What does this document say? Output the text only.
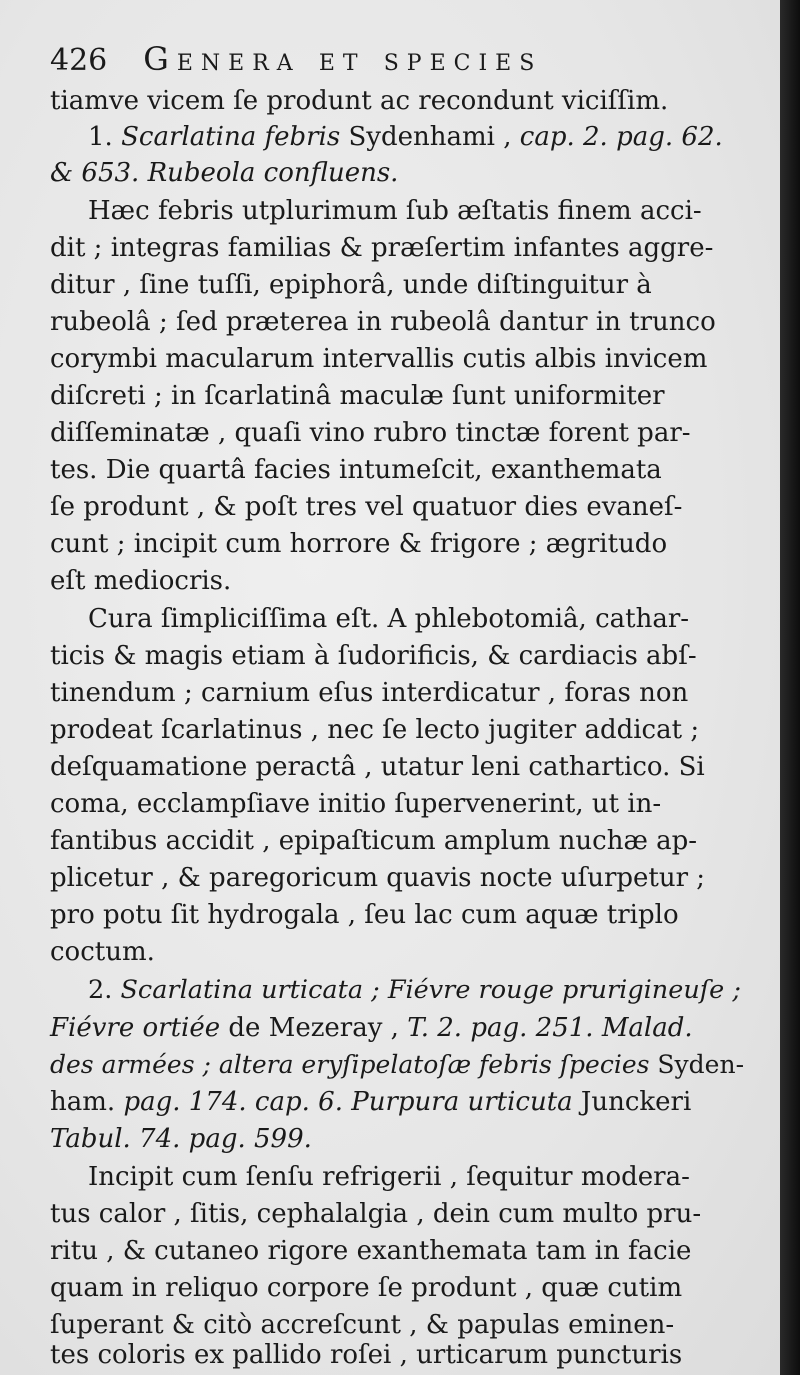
426 Genera et species
tiamve vicem ſe produnt ac recondunt viciſſim.
1. Scarlatina febris Sydenhami , cap. 2. pag. 62.
& 653. Rubeola confluens.
Hæc febris utplurimum ſub æſtatis finem acci-
dit ; integras familias & præſertim infantes aggre-
ditur , ſine tuſſi, epiphorâ, unde diſtinguitur à
rubeolâ ; ſed præterea in rubeolâ dantur in trunco
corymbi macularum intervallis cutis albis invicem
diſcreti ; in ſcarlatinâ maculæ ſunt uniformiter
diſſeminatæ , quaſi vino rubro tinctæ forent par-
tes. Die quartâ facies intumeſcit, exanthemata
ſe produnt , & poſt tres vel quatuor dies evaneſ-
cunt ; incipit cum horrore & frigore ; ægritudo
eſt mediocris.
Cura ſimpliciſſima eſt. A phlebotomiâ, cathar-
ticis & magis etiam à ſudorificis, & cardiacis abſ-
tinendum ; carnium eſus interdicatur , foras non
prodeat ſcarlatinus , nec ſe lecto jugiter addicat ;
deſquamatione peractâ , utatur leni cathartico. Si
coma, ecclampſiave initio ſupervenerint, ut in-
fantibus accidit , epipaſticum amplum nuchæ ap-
plicetur , & paregoricum quavis nocte uſurpetur ;
pro potu ſit hydrogala , ſeu lac cum aquæ triplo
coctum.
2. Scarlatina urticata ; Fiévre rouge prurigineuſe ;
Fiévre ortiée de Mezeray , T. 2. pag. 251. Malad.
des armées ; altera eryſipelatoſæ febris ſpecies Syden-
ham. pag. 174. cap. 6. Purpura urticuta Junckeri
Tabul. 74. pag. 599.
Incipit cum ſenſu refrigerii , ſequitur modera-
tus calor , ſitis, cephalalgia , dein cum multo pru-
ritu , & cutaneo rigore exanthemata tam in facie
quam in reliquo corpore ſe produnt , quæ cutim
ſuperant & citò accreſcunt , & papulas eminen-
tes coloris ex pallido roſei , urticarum puncturis
